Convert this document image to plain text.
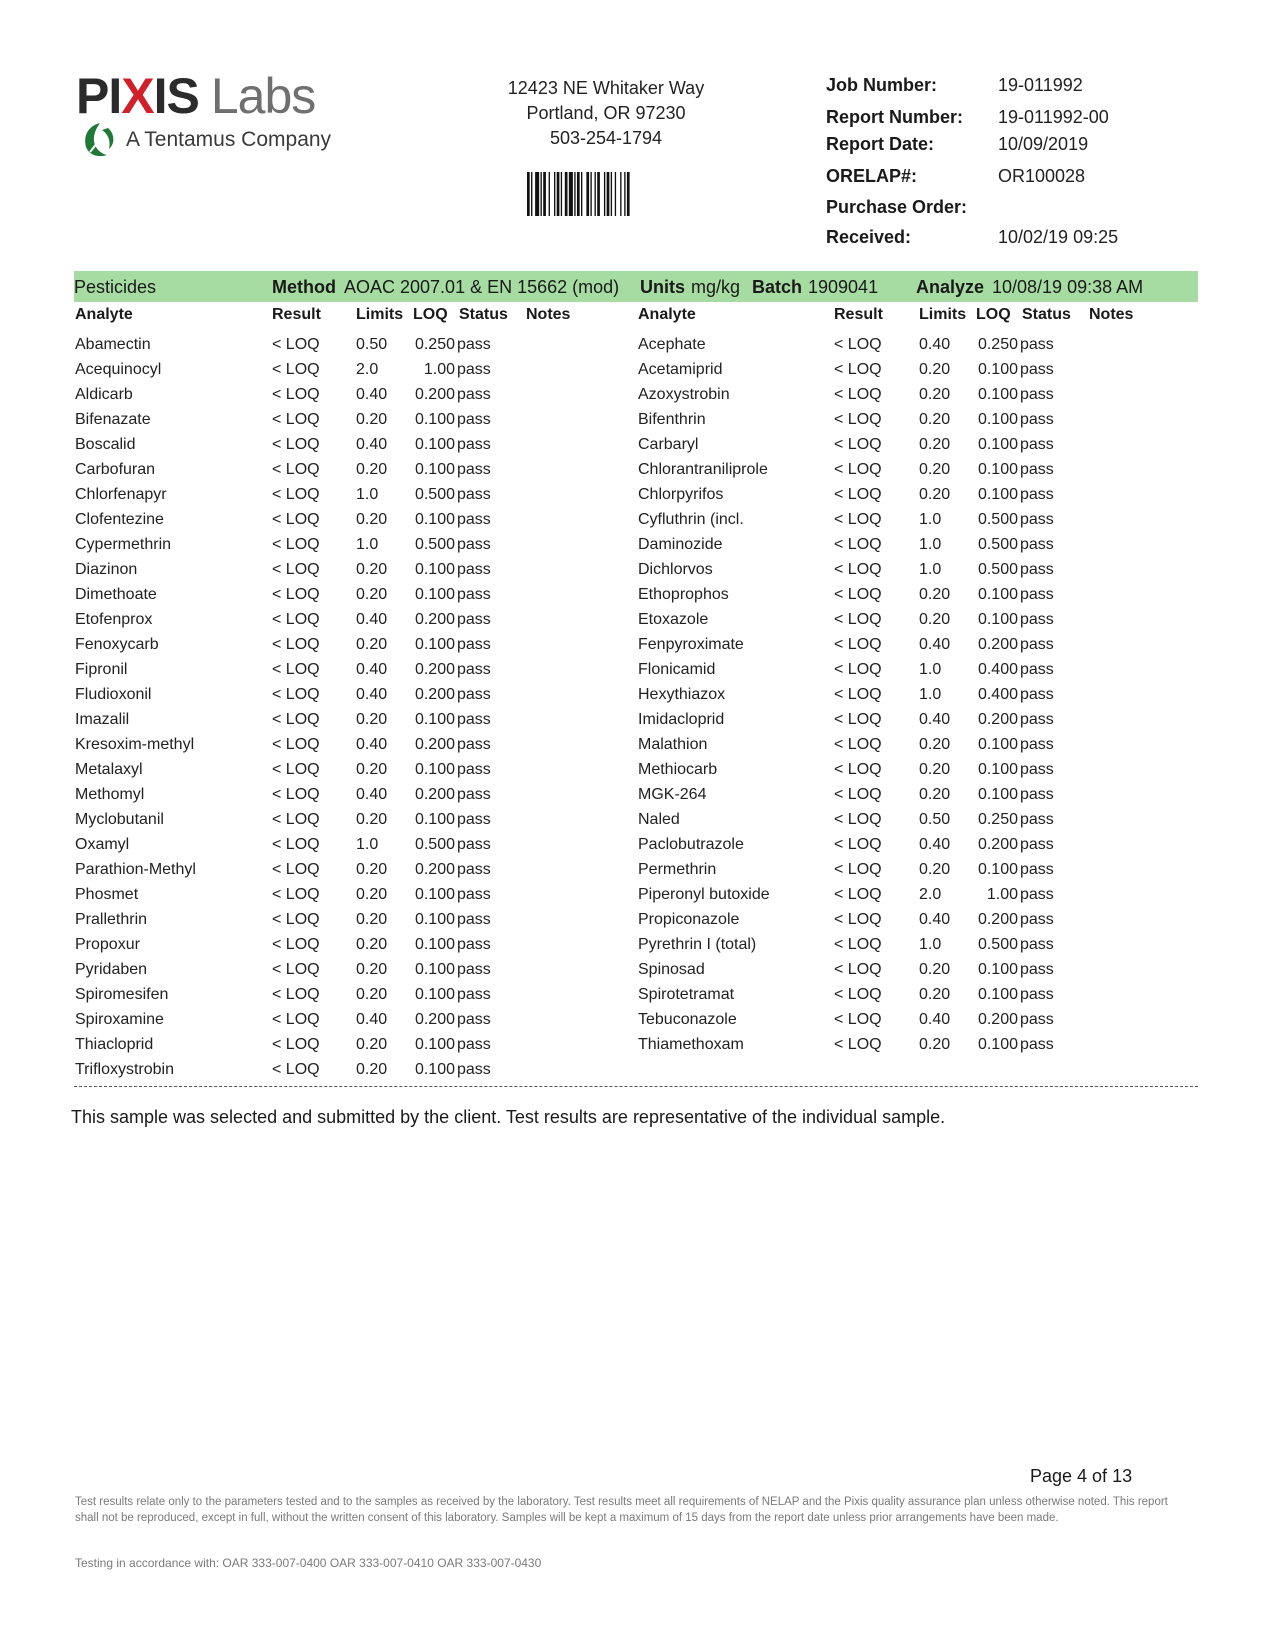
PIXIS Labs
A Tentamus Company
12423 NE Whitaker Way
Portland, OR 97230
503-254-1794
Job Number:	19-011992
Report Number: 19-011992-00
Report Date:	10/09/2019
ORELAP#:	OR100028
Purchase Order:
Received:	10/02/19 09:25
Pesticides	Method AOAC 2007.01 & EN 15662 (mod) Units mg/kg Batch 1909041 Analyze 10/08/19 09:38 AM
Analyte	Result Limits LOQ Status Notes	Analyte	Result Limits LOQ Status Notes
Abamectin	< LOQ 0.50 0.250 pass	Acephate	< LOQ 0.40 0.250 pass
Acequinocyl	< LOQ 2.0	1.00 pass	Acetamiprid	< LOQ 0.20 0.100 pass
Aldicarb	< LOQ 0.40 0.200 pass	Azoxystrobin	< LOQ 0.20 0.100 pass
Bifenazate	< LOQ 0.20 0.100 pass	Bifenthrin	< LOQ 0.20 0.100 pass
Boscalid	< LOQ 0.40 0.100 pass	Carbaryl	< LOQ 0.20 0.100 pass
Carbofuran	< LOQ 0.20 0.100 pass	Chlorantraniliprole	< LOQ 0.20 0.100 pass
Chlorfenapyr	< LOQ 1.0 0.500 pass	Chlorpyrifos	< LOQ 0.20 0.100 pass
Clofentezine	< LOQ 0.20 0.100 pass	Cyfluthrin (incl.	< LOQ 1.0 0.500 pass
Cypermethrin	< LOQ 1.0 0.500 pass	Daminozide	< LOQ 1.0 0.500 pass
Diazinon	< LOQ 0.20 0.100 pass	Dichlorvos	< LOQ 1.0 0.500 pass
Dimethoate	< LOQ 0.20 0.100 pass	Ethoprophos	< LOQ 0.20 0.100 pass
Etofenprox	< LOQ 0.40 0.200 pass	Etoxazole	< LOQ 0.20 0.100 pass
Fenoxycarb	< LOQ 0.20 0.100 pass	Fenpyroximate	< LOQ 0.40 0.200 pass
Fipronil	< LOQ 0.40 0.200 pass	Flonicamid	< LOQ 1.0 0.400 pass
Fludioxonil	< LOQ 0.40 0.200 pass	Hexythiazox	< LOQ 1.0 0.400 pass
Imazalil	< LOQ 0.20 0.100 pass	Imidacloprid	< LOQ 0.40 0.200 pass
Kresoxim-methyl	< LOQ 0.40 0.200 pass	Malathion	< LOQ 0.20 0.100 pass
Metalaxyl	< LOQ 0.20 0.100 pass	Methiocarb	< LOQ 0.20 0.100 pass
Methomyl	< LOQ 0.40 0.200 pass	MGK-264	< LOQ 0.20 0.100 pass
Myclobutanil	< LOQ 0.20 0.100 pass	Naled	< LOQ 0.50 0.250 pass
Oxamyl	< LOQ 1.0 0.500 pass	Paclobutrazole	< LOQ 0.40 0.200 pass
Parathion-Methyl	< LOQ 0.20 0.200 pass	Permethrin	< LOQ 0.20 0.100 pass
Phosmet	< LOQ 0.20 0.100 pass	Piperonyl butoxide	< LOQ 2.0	1.00 pass
Prallethrin	< LOQ 0.20 0.100 pass	Propiconazole	< LOQ 0.40 0.200 pass
Propoxur	< LOQ 0.20 0.100 pass	Pyrethrin I (total)	< LOQ 1.0 0.500 pass
Pyridaben	< LOQ 0.20 0.100 pass	Spinosad	< LOQ 0.20 0.100 pass
Spiromesifen	< LOQ 0.20 0.100 pass	Spirotetramat	< LOQ 0.20 0.100 pass
Spiroxamine	< LOQ 0.40 0.200 pass	Tebuconazole	< LOQ 0.40 0.200 pass
Thiacloprid	< LOQ 0.20 0.100 pass	Thiamethoxam	< LOQ 0.20 0.100 pass
Trifloxystrobin	< LOQ 0.20 0.100 pass
This sample was selected and submitted by the client. Test results are representative of the individual sample.
Page 4 of 13
Test results relate only to the parameters tested and to the samples as received by the laboratory. Test results meet all requirements of NELAP and the Pixis quality assurance plan unless otherwise noted. This report shall not be reproduced, except in full, without the written consent of this laboratory. Samples will be kept a maximum of 15 days from the report date unless prior arrangements have been made.
Testing in accordance with: OAR 333-007-0400 OAR 333-007-0410 OAR 333-007-0430
